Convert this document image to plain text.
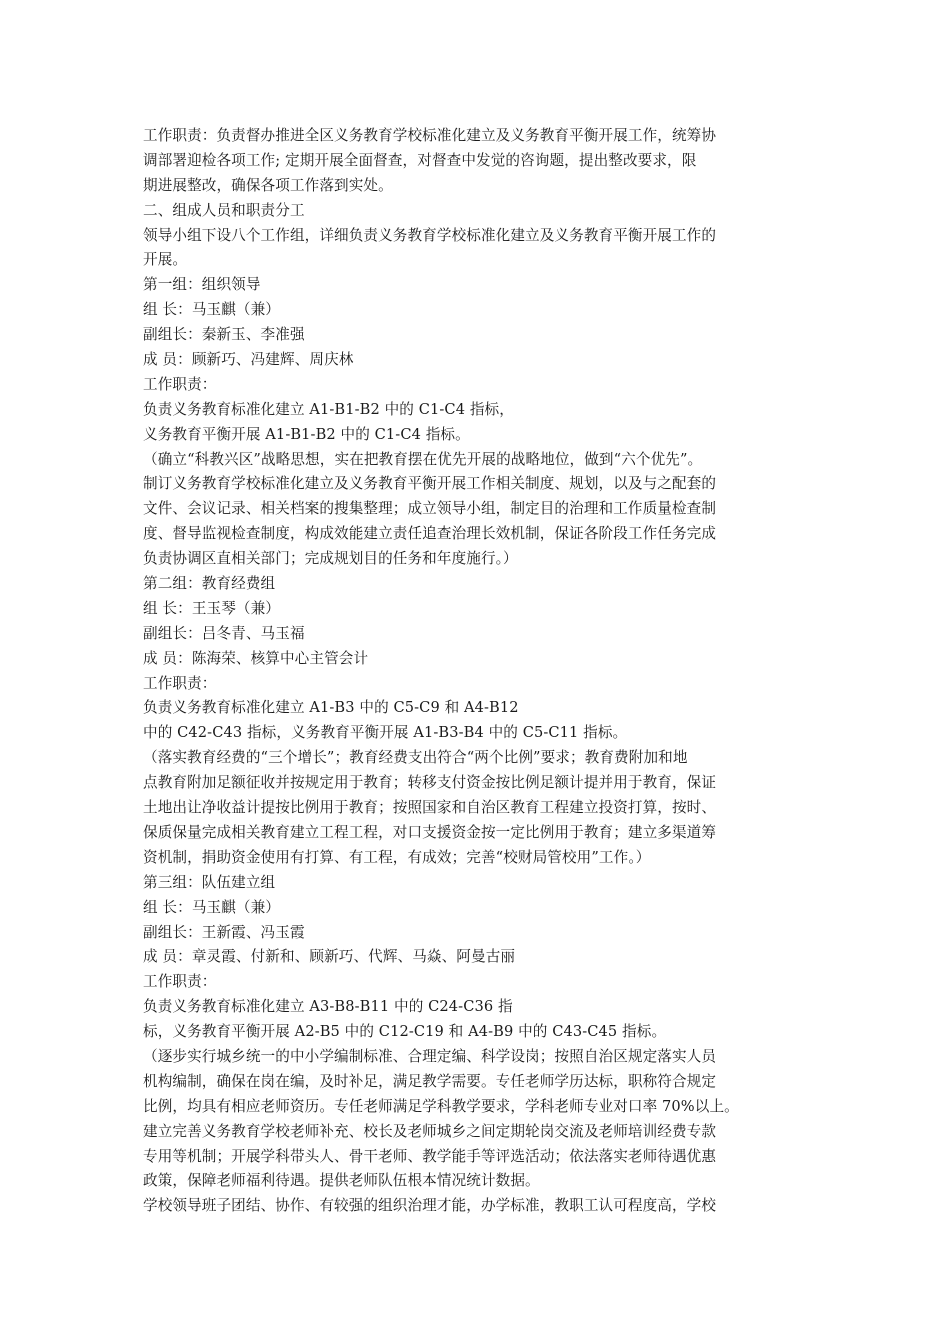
工作职责：负责督办推进全区义务教育学校标准化建立及义务教育平衡开展工作，统筹协
调部署迎检各项工作; 定期开展全面督查，对督查中发觉的咨询题，提出整改要求，限
期进展整改，确保各项工作落到实处。
二、组成人员和职责分工
领导小组下设八个工作组，详细负责义务教育学校标准化建立及义务教育平衡开展工作的
开展。
第一组：组织领导
组 长：马玉麒（兼）
副组长：秦新玉、李准强
成 员：顾新巧、冯建辉、周庆林
工作职责：
负责义务教育标准化建立 A1-B1-B2 中的 C1-C4 指标，
义务教育平衡开展 A1-B1-B2 中的 C1-C4 指标。
（确立“科教兴区”战略思想，实在把教育摆在优先开展的战略地位，做到“六个优先”。
制订义务教育学校标准化建立及义务教育平衡开展工作相关制度、规划，以及与之配套的
文件、会议记录、相关档案的搜集整理；成立领导小组，制定目的治理和工作质量检查制
度、督导监视检查制度，构成效能建立责任追查治理长效机制，保证各阶段工作任务完成
负责协调区直相关部门；完成规划目的任务和年度施行。）
第二组：教育经费组
组 长：王玉琴（兼）
副组长：吕冬青、马玉福
成 员：陈海荣、核算中心主管会计
工作职责：
负责义务教育标准化建立 A1-B3 中的 C5-C9 和 A4-B12
中的 C42-C43 指标，义务教育平衡开展 A1-B3-B4 中的 C5-C11 指标。
（落实教育经费的“三个增长”；教育经费支出符合“两个比例”要求；教育费附加和地
点教育附加足额征收并按规定用于教育；转移支付资金按比例足额计提并用于教育，保证
土地出让净收益计提按比例用于教育；按照国家和自治区教育工程建立投资打算，按时、
保质保量完成相关教育建立工程工程，对口支援资金按一定比例用于教育；建立多渠道筹
资机制，捐助资金使用有打算、有工程，有成效；完善“校财局管校用”工作。）
第三组：队伍建立组
组 长：马玉麒（兼）
副组长：王新霞、冯玉霞
成 员：章灵霞、付新和、顾新巧、代辉、马焱、阿曼古丽
工作职责：
负责义务教育标准化建立 A3-B8-B11 中的 C24-C36 指
标，义务教育平衡开展 A2-B5 中的 C12-C19 和 A4-B9 中的 C43-C45 指标。
（逐步实行城乡统一的中小学编制标准、合理定编、科学设岗；按照自治区规定落实人员
机构编制，确保在岗在编，及时补足，满足教学需要。专任老师学历达标，职称符合规定
比例，均具有相应老师资历。专任老师满足学科教学要求，学科老师专业对口率 70%以上。
建立完善义务教育学校老师补充、校长及老师城乡之间定期轮岗交流及老师培训经费专款
专用等机制；开展学科带头人、骨干老师、教学能手等评选活动；依法落实老师待遇优惠
政策，保障老师福利待遇。提供老师队伍根本情况统计数据。
学校领导班子团结、协作、有较强的组织治理才能，办学标准，教职工认可程度高，学校
